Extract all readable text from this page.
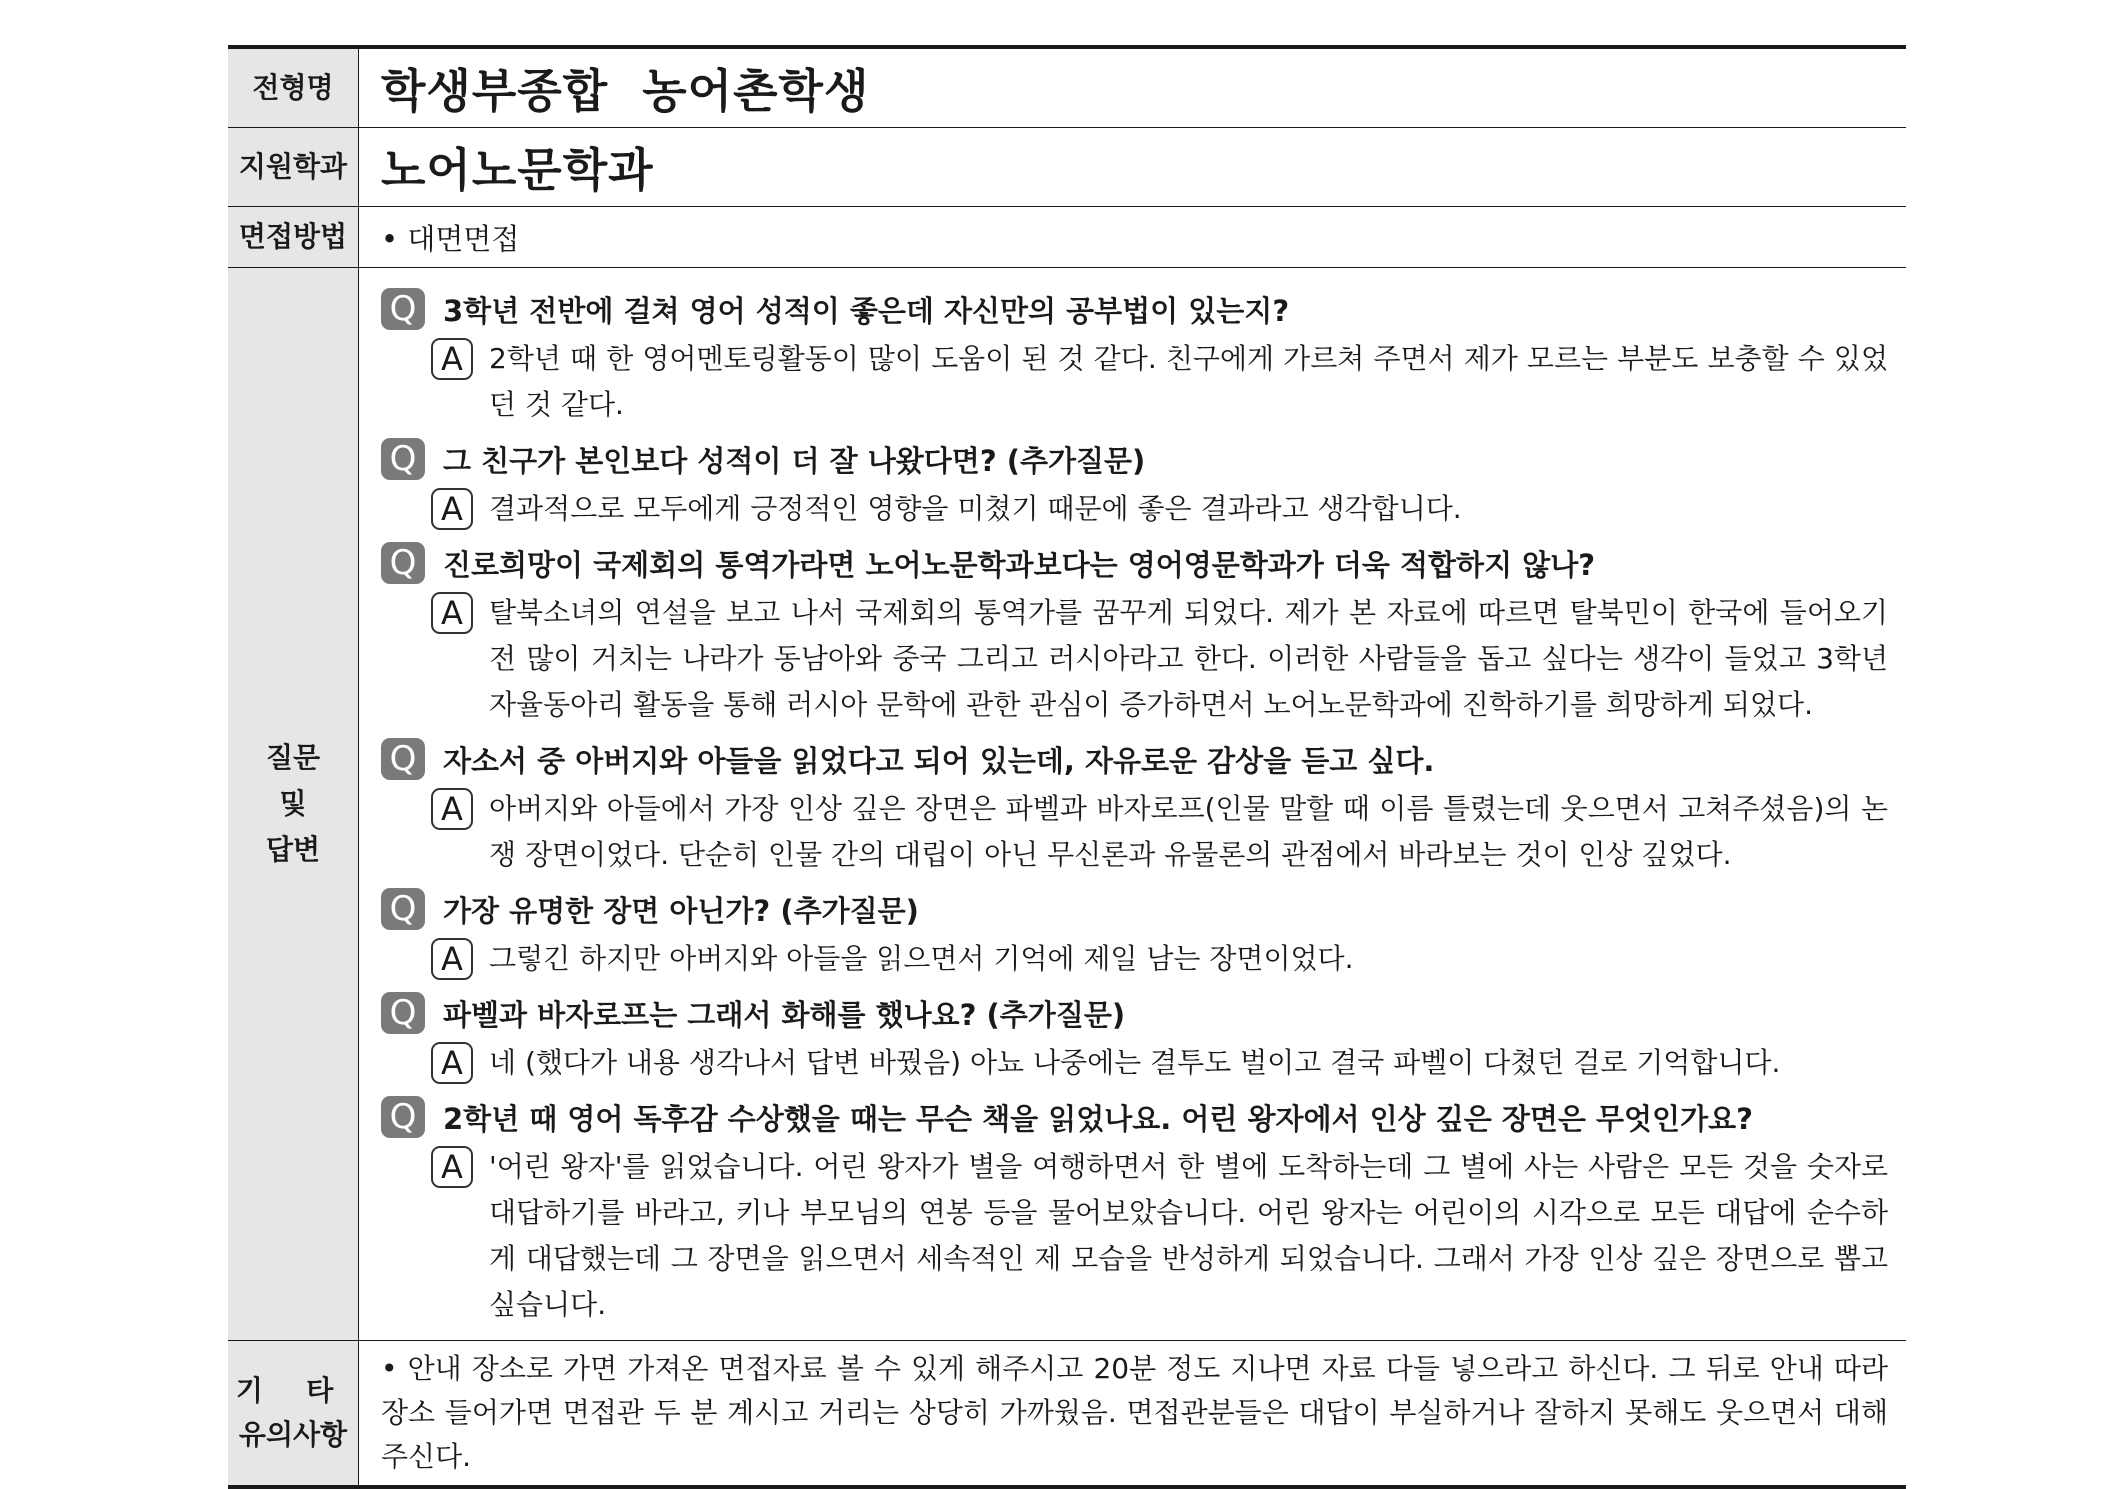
전형명	학생부종합  농어촌학생
지원학과 노어노문학과
면접방법	• 대면면접
질문
및
답변
Q 3학년 전반에 걸쳐 영어 성적이 좋은데 자신만의 공부법이 있는지?
A 2학년 때 한 영어멘토링활동이 많이 도움이 된 것 같다. 친구에게 가르쳐 주면서 제가 모르는 부분도 보충할 수 있었던 것 같다.
Q 그 친구가 본인보다 성적이 더 잘 나왔다면? (추가질문)
A 결과적으로 모두에게 긍정적인 영향을 미쳤기 때문에 좋은 결과라고 생각합니다.
Q 진로희망이 국제회의 통역가라면 노어노문학과보다는 영어영문학과가 더욱 적합하지 않나?
A 탈북소녀의 연설을 보고 나서 국제회의 통역가를 꿈꾸게 되었다. 제가 본 자료에 따르면 탈북민이 한국에 들어오기 전 많이 거치는 나라가 동남아와 중국 그리고 러시아라고 한다. 이러한 사람들을 돕고 싶다는 생각이 들었고 3학년 자율동아리 활동을 통해 러시아 문학에 관한 관심이 증가하면서 노어노문학과에 진학하기를 희망하게 되었다.
Q 자소서 중 아버지와 아들을 읽었다고 되어 있는데, 자유로운 감상을 듣고 싶다.
A 아버지와 아들에서 가장 인상 깊은 장면은 파벨과 바자로프(인물 말할 때 이름 틀렸는데 웃으면서 고쳐주셨음)의 논쟁 장면이었다. 단순히 인물 간의 대립이 아닌 무신론과 유물론의 관점에서 바라보는 것이 인상 깊었다.
Q 가장 유명한 장면 아닌가? (추가질문)
A 그렇긴 하지만 아버지와 아들을 읽으면서 기억에 제일 남는 장면이었다.
Q 파벨과 바자로프는 그래서 화해를 했나요? (추가질문)
A 네 (했다가 내용 생각나서 답변 바꿨음) 아뇨 나중에는 결투도 벌이고 결국 파벨이 다쳤던 걸로 기억합니다.
Q 2학년 때 영어 독후감 수상했을 때는 무슨 책을 읽었나요. 어린 왕자에서 인상 깊은 장면은 무엇인가요?
A '어린 왕자'를 읽었습니다. 어린 왕자가 별을 여행하면서 한 별에 도착하는데 그 별에 사는 사람은 모든 것을 숫자로 대답하기를 바라고, 키나 부모님의 연봉 등을 물어보았습니다. 어린 왕자는 어린이의 시각으로 모든 대답에 순수하게 대답했는데 그 장면을 읽으면서 세속적인 제 모습을 반성하게 되었습니다. 그래서 가장 인상 깊은 장면으로 뽑고 싶습니다.
기 타
유의사항
• 안내 장소로 가면 가져온 면접자료 볼 수 있게 해주시고 20분 정도 지나면 자료 다들 넣으라고 하신다. 그 뒤로 안내 따라 장소 들어가면 면접관 두 분 계시고 거리는 상당히 가까웠음. 면접관분들은 대답이 부실하거나 잘하지 못해도 웃으면서 대해 주신다.
